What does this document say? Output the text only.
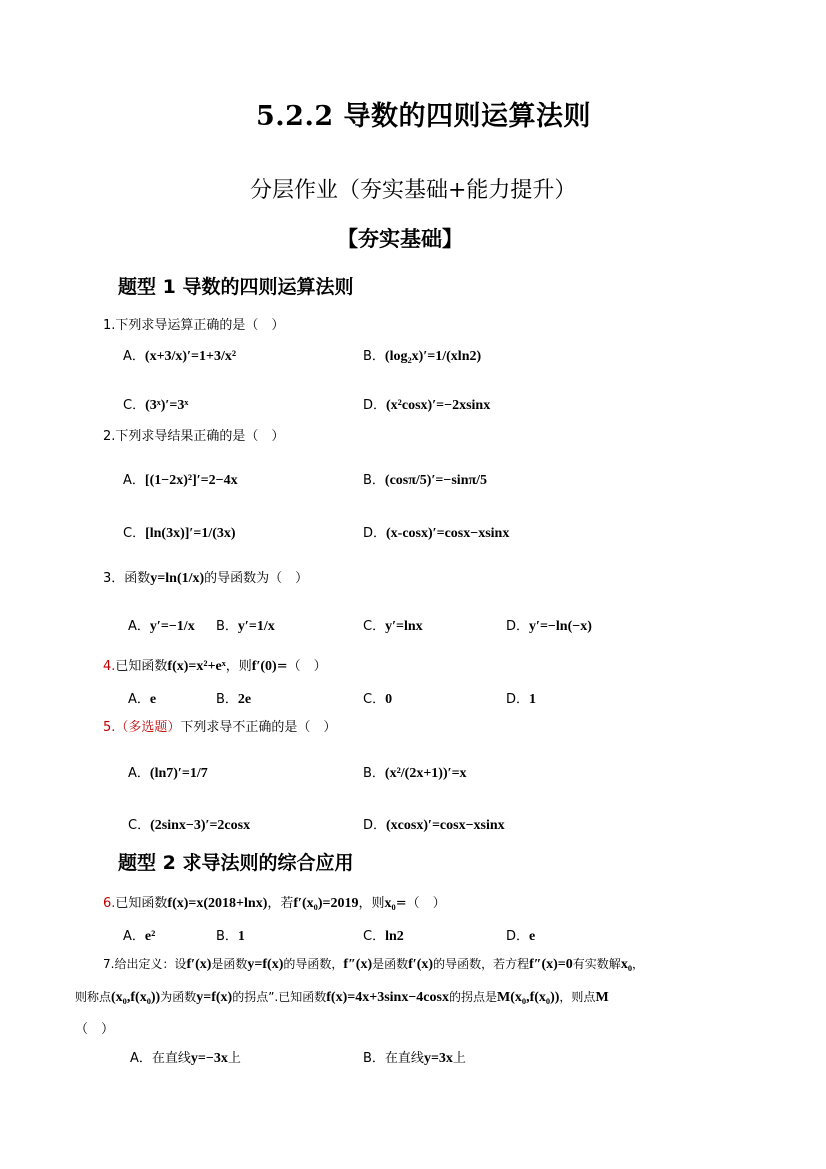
5.2.2 导数的四则运算法则
分层作业（夯实基础+能力提升）
【夯实基础】
题型 1 导数的四则运算法则
1.下列求导运算正确的是（　）
A．(x+3/x)′=1+3/x²	B．(log₂x)′=1/(xln2)
C．(3ˣ)′=3ˣ	D．(x²cosx)′=−2xsinx
2.下列求导结果正确的是（　）
A．[(1−2x)²]′=2−4x	B．(cosπ/5)′=−sinπ/5
C．[ln(3x)]′=1/(3x)	D．(x-cosx)′=cosx−xsinx
3．函数y=ln(1/x)的导函数为（　）
A．y′=−1/x B．y′=1/x	C．y′=lnx	D．y′=−ln(−x)
4.已知函数f(x)=x²+eˣ，则f′(0)=（　）
A．e	B．2e	C．0	D．1
5.（多选题）下列求导不正确的是（　）
A．(ln7)′=1/7	B．(x²/(2x+1))′=x
C．(2sinx−3)′=2cosx	D．(xcosx)′=cosx−xsinx
题型 2 求导法则的综合应用
6.已知函数f(x)=x(2018+lnx)，若f′(x₀)=2019，则x₀=（　）
A．e²	B．1	C．ln2	D．e
7.给出定义：设f′(x)是函数y=f(x)的导函数，f″(x)是函数f′(x)的导函数，若方程f″(x)=0有实数解x₀，
则称点(x₀,f(x₀))为函数y=f(x)的拐点”.已知函数f(x)=4x+3sinx−4cosx的拐点是M(x₀,f(x₀))，则点M
（　）
A．在直线y=−3x上	B．在直线y=3x上
